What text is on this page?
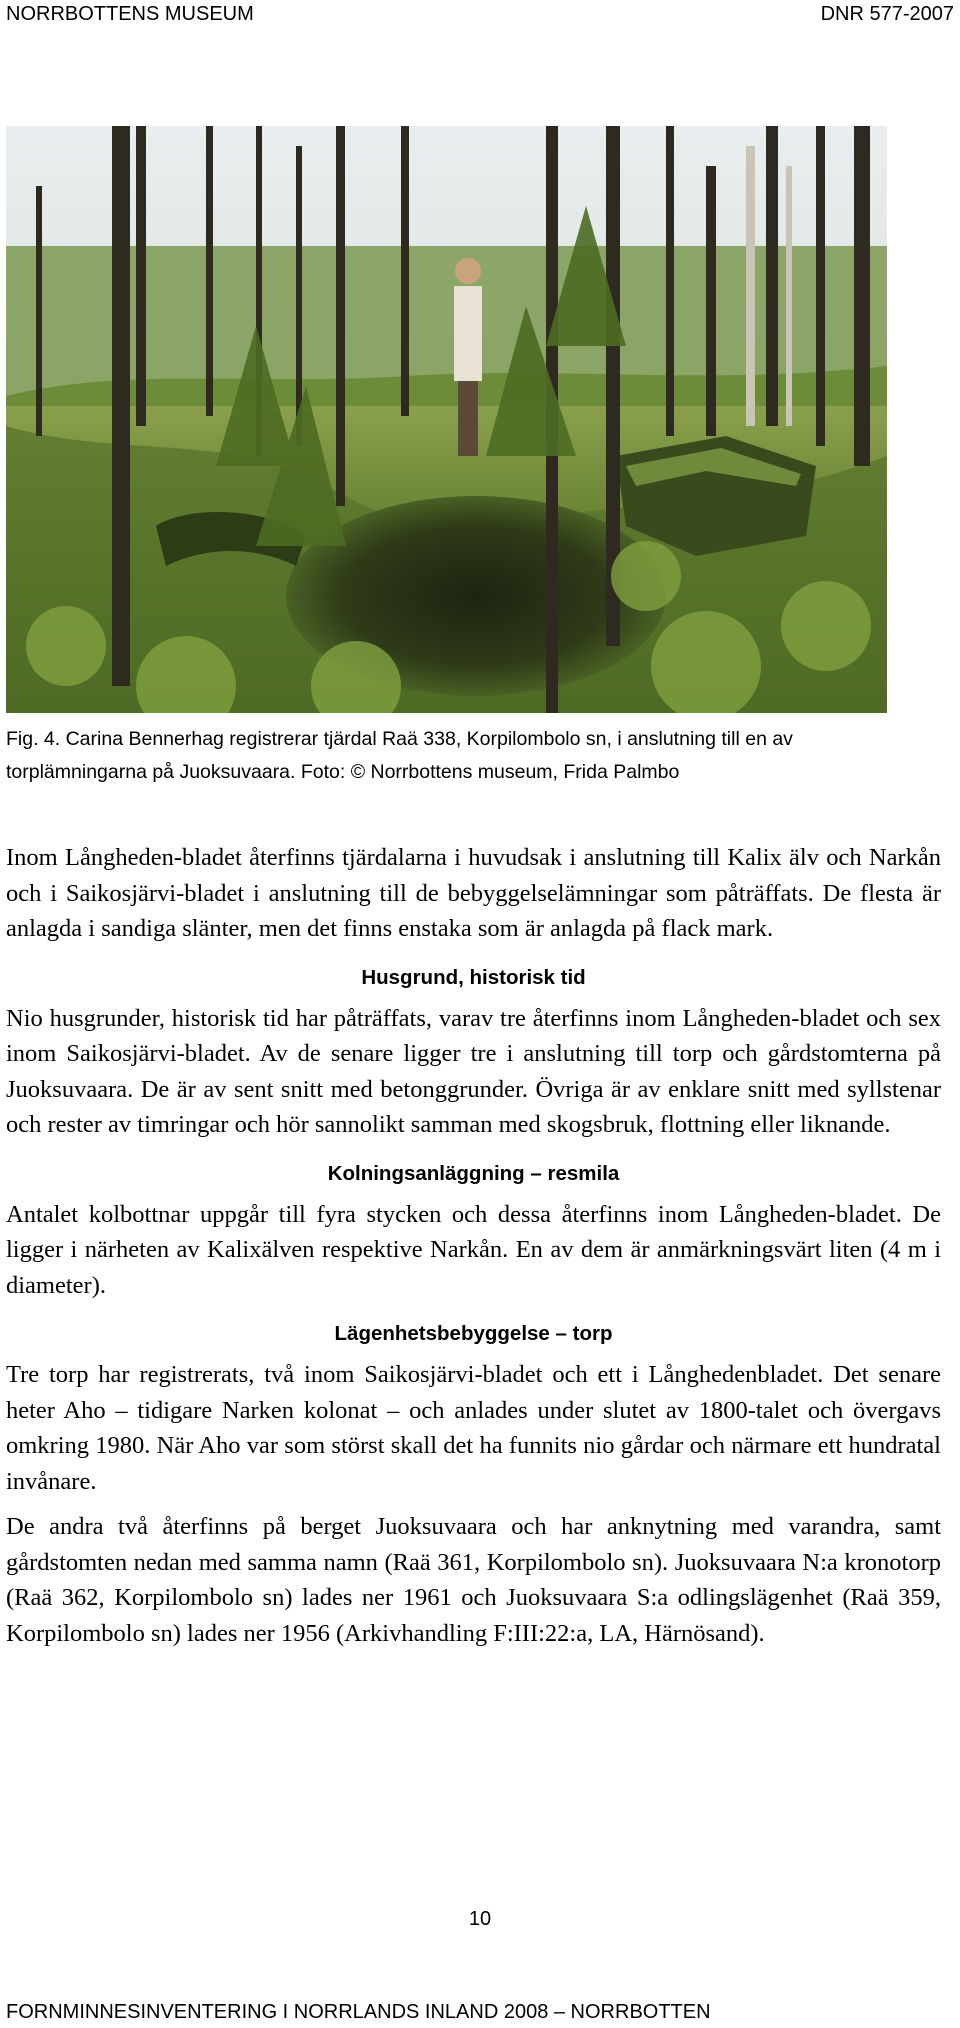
NORRBOTTENS MUSEUM	DNR 577-2007
Fig. 4. Carina Bennerhag registrerar tjärdal Raä 338, Korpilombolo sn, i anslutning till en av
torplämningarna på Juoksuvaara. Foto: © Norrbottens museum, Frida Palmbo

Inom Långheden-bladet återfinns tjärdalarna i huvudsak i anslutning till Kalix älv och Narkån och i Saikosjärvi-bladet i anslutning till de bebyggelselämningar som påträffats. De flesta är anlagda i sandiga slänter, men det finns enstaka som är anlagda på flack mark.

Husgrund, historisk tid

Nio husgrunder, historisk tid har påträffats, varav tre återfinns inom Långheden-bladet och sex inom Saikosjärvi-bladet. Av de senare ligger tre i anslutning till torp och gårdstomterna på Juoksuvaara. De är av sent snitt med betonggrunder. Övriga är av enklare snitt med syllstenar och rester av timringar och hör sannolikt samman med skogsbruk, flottning eller liknande.

Kolningsanläggning – resmila

Antalet kolbottnar uppgår till fyra stycken och dessa återfinns inom Långheden-bladet. De ligger i närheten av Kalixälven respektive Narkån. En av dem är anmärkningsvärt liten (4 m i diameter).

Lägenhetsbebyggelse – torp

Tre torp har registrerats, två inom Saikosjärvi-bladet och ett i Långhedenbladet. Det senare heter Aho – tidigare Narken kolonat – och anlades under slutet av 1800-talet och övergavs omkring 1980. När Aho var som störst skall det ha funnits nio gårdar och närmare ett hundratal invånare.

De andra två återfinns på berget Juoksuvaara och har anknytning med varandra, samt gårdstomten nedan med samma namn (Raä 361, Korpilombolo sn). Juoksuvaara N:a kronotorp (Raä 362, Korpilombolo sn) lades ner 1961 och Juoksuvaara S:a odlingslägenhet (Raä 359, Korpilombolo sn) lades ner 1956 (Arkivhandling F:III:22:a, LA, Härnösand).

10
FORNMINNESINVENTERING I NORRLANDS INLAND 2008 – NORRBOTTEN
